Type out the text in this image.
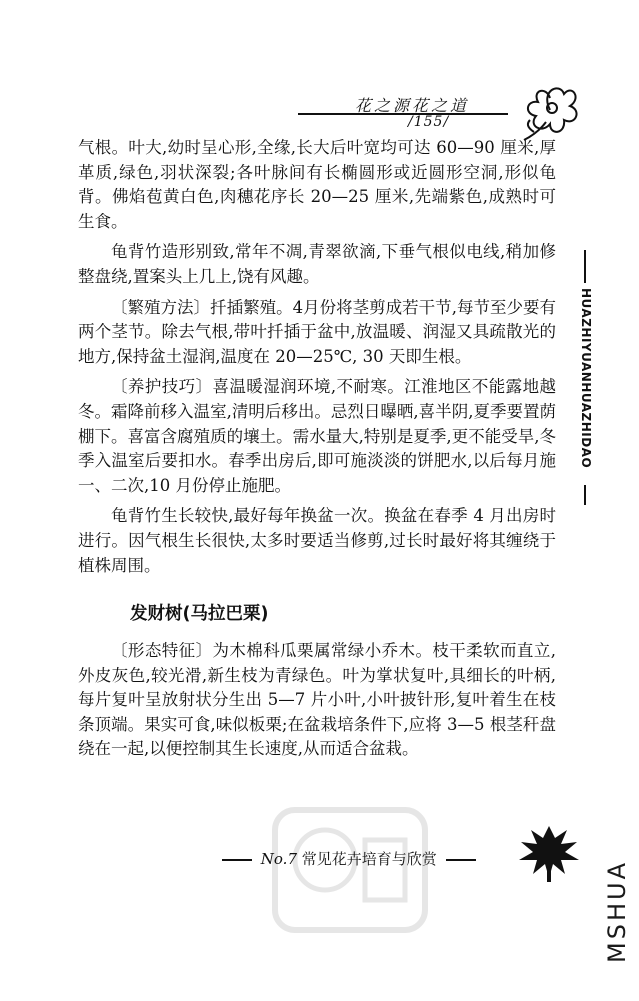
花之源花之道
/155/
HUAZHIYUANHUAZHIDAO

气根。叶大,幼时呈心形,全缘,长大后叶宽均可达 60—90 厘米,厚革质,绿色,羽状深裂;各叶脉间有长椭圆形或近圆形空洞,形似龟背。佛焰苞黄白色,肉穗花序长 20—25 厘米,先端紫色,成熟时可生食。

龟背竹造形别致,常年不凋,青翠欲滴,下垂气根似电线,稍加修整盘绕,置案头上几上,饶有风趣。

〔繁殖方法〕扦插繁殖。4月份将茎剪成若干节,每节至少要有两个茎节。除去气根,带叶扦插于盆中,放温暖、润湿又具疏散光的地方,保持盆土湿润,温度在 20—25℃, 30 天即生根。

〔养护技巧〕喜温暖湿润环境,不耐寒。江淮地区不能露地越冬。霜降前移入温室,清明后移出。忌烈日曝晒,喜半阴,夏季要置荫棚下。喜富含腐殖质的壤土。需水量大,特别是夏季,更不能受旱,冬季入温室后要扣水。春季出房后,即可施淡淡的饼肥水,以后每月施一、二次,10 月份停止施肥。

龟背竹生长较快,最好每年换盆一次。换盆在春季 4 月出房时进行。因气根生长很快,太多时要适当修剪,过长时最好将其缠绕于植株周围。

发财树(马拉巴栗)

〔形态特征〕为木棉科瓜栗属常绿小乔木。枝干柔软而直立,外皮灰色,较光滑,新生枝为青绿色。叶为掌状复叶,具细长的叶柄,每片复叶呈放射状分生出 5—7 片小叶,小叶披针形,复叶着生在枝条顶端。果实可食,味似板栗;在盆栽培条件下,应将 3—5 根茎秆盘绕在一起,以便控制其生长速度,从而适合盆栽。

No.7 常见花卉培育与欣赏
MSHUA
